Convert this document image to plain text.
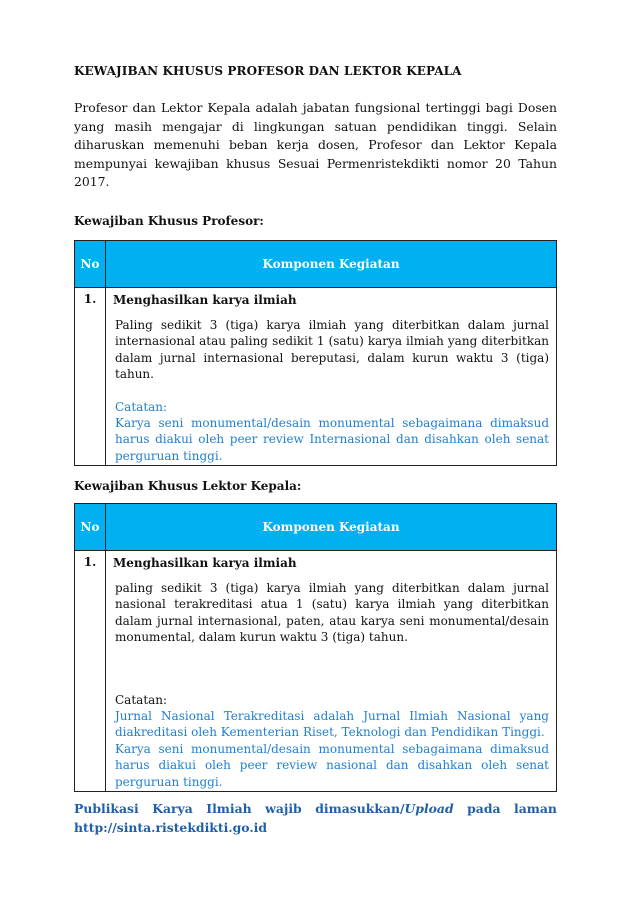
KEWAJIBAN KHUSUS PROFESOR DAN LEKTOR KEPALA
Profesor dan Lektor Kepala adalah jabatan fungsional tertinggi bagi Dosen yang masih mengajar di lingkungan satuan pendidikan tinggi. Selain diharuskan memenuhi beban kerja dosen, Profesor dan Lektor Kepala mempunyai kewajiban khusus Sesuai Permenristekdikti nomor 20 Tahun 2017.
Kewajiban Khusus Profesor:
No	Komponen Kegiatan
1.	Menghasilkan karya ilmiah
Paling sedikit 3 (tiga) karya ilmiah yang diterbitkan dalam jurnal internasional atau paling sedikit 1 (satu) karya ilmiah yang diterbitkan dalam jurnal internasional bereputasi, dalam kurun waktu 3 (tiga) tahun.
Catatan:
Karya seni monumental/desain monumental sebagaimana dimaksud harus diakui oleh peer review Internasional dan disahkan oleh senat perguruan tinggi.
Kewajiban Khusus Lektor Kepala:
No	Komponen Kegiatan
1.	Menghasilkan karya ilmiah
paling sedikit 3 (tiga) karya ilmiah yang diterbitkan dalam jurnal nasional terakreditasi atua 1 (satu) karya ilmiah yang diterbitkan dalam jurnal internasional, paten, atau karya seni monumental/desain monumental, dalam kurun waktu 3 (tiga) tahun.
Catatan:
Jurnal Nasional Terakreditasi adalah Jurnal Ilmiah Nasional yang diakreditasi oleh Kementerian Riset, Teknologi dan Pendidikan Tinggi.
Karya seni monumental/desain monumental sebagaimana dimaksud harus diakui oleh peer review nasional dan disahkan oleh senat perguruan tinggi.
Publikasi Karya Ilmiah wajib dimasukkan/Upload pada laman
http://sinta.ristekdikti.go.id
